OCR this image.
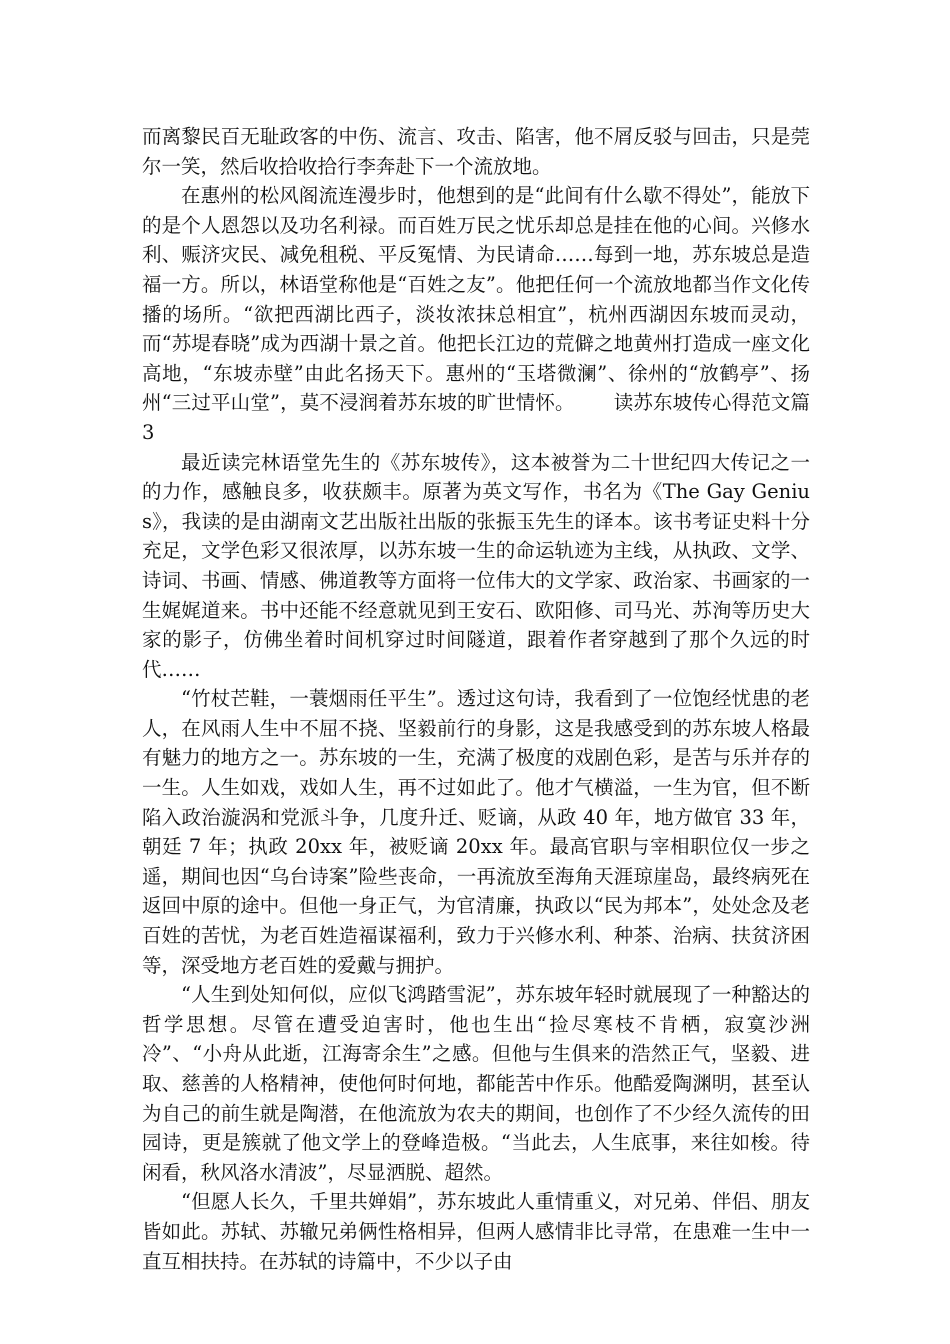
而离黎民百无耻政客的中伤、流言、攻击、陷害，他不屑反驳与回击，只是莞尔一笑，然后收拾收拾行李奔赴下一个流放地。

在惠州的松风阁流连漫步时，他想到的是“此间有什么歇不得处”，能放下的是个人恩怨以及功名利禄。而百姓万民之忧乐却总是挂在他的心间。兴修水利、赈济灾民、减免租税、平反冤情、为民请命……每到一地，苏东坡总是造福一方。所以，林语堂称他是“百姓之友”。他把任何一个流放地都当作文化传播的场所。“欲把西湖比西子，淡妆浓抹总相宜”，杭州西湖因东坡而灵动，而“苏堤春晓”成为西湖十景之首。他把长江边的荒僻之地黄州打造成一座文化高地，“东坡赤壁”由此名扬天下。惠州的“玉塔微澜”、徐州的“放鹤亭”、扬州“三过平山堂”，莫不浸润着苏东坡的旷世情怀。 读苏东坡传心得范文篇3

最近读完林语堂先生的《苏东坡传》，这本被誉为二十世纪四大传记之一的力作，感触良多，收获颇丰。原著为英文写作，书名为《The Gay Genius》，我读的是由湖南文艺出版社出版的张振玉先生的译本。该书考证史料十分充足，文学色彩又很浓厚，以苏东坡一生的命运轨迹为主线，从执政、文学、诗词、书画、情感、佛道教等方面将一位伟大的文学家、政治家、书画家的一生娓娓道来。书中还能不经意就见到王安石、欧阳修、司马光、苏洵等历史大家的影子，仿佛坐着时间机穿过时间隧道，跟着作者穿越到了那个久远的时代……

“竹杖芒鞋，一蓑烟雨任平生”。透过这句诗，我看到了一位饱经忧患的老人，在风雨人生中不屈不挠、坚毅前行的身影，这是我感受到的苏东坡人格最有魅力的地方之一。苏东坡的一生，充满了极度的戏剧色彩，是苦与乐并存的一生。人生如戏，戏如人生，再不过如此了。他才气横溢，一生为官，但不断陷入政治漩涡和党派斗争，几度升迁、贬谪，从政 40 年，地方做官 33 年，朝廷 7 年；执政 20xx 年，被贬谪 20xx 年。最高官职与宰相职位仅一步之遥，期间也因“乌台诗案”险些丧命，一再流放至海角天涯琼崖岛，最终病死在返回中原的途中。但他一身正气，为官清廉，执政以“民为邦本”，处处念及老百姓的苦忧，为老百姓造福谋福利，致力于兴修水利、种茶、治病、扶贫济困等，深受地方老百姓的爱戴与拥护。

“人生到处知何似，应似飞鸿踏雪泥”，苏东坡年轻时就展现了一种豁达的哲学思想。尽管在遭受迫害时，他也生出“捡尽寒枝不肯栖，寂寞沙洲冷”、“小舟从此逝，江海寄余生”之感。但他与生俱来的浩然正气，坚毅、进取、慈善的人格精神，使他何时何地，都能苦中作乐。他酷爱陶渊明，甚至认为自己的前生就是陶潜，在他流放为农夫的期间，也创作了不少经久流传的田园诗，更是簇就了他文学上的登峰造极。“当此去，人生底事，来往如梭。待闲看，秋风洛水清波”，尽显洒脱、超然。

“但愿人长久，千里共婵娟”，苏东坡此人重情重义，对兄弟、伴侣、朋友皆如此。苏轼、苏辙兄弟俩性格相异，但两人感情非比寻常，在患难一生中一直互相扶持。在苏轼的诗篇中，不少以子由
